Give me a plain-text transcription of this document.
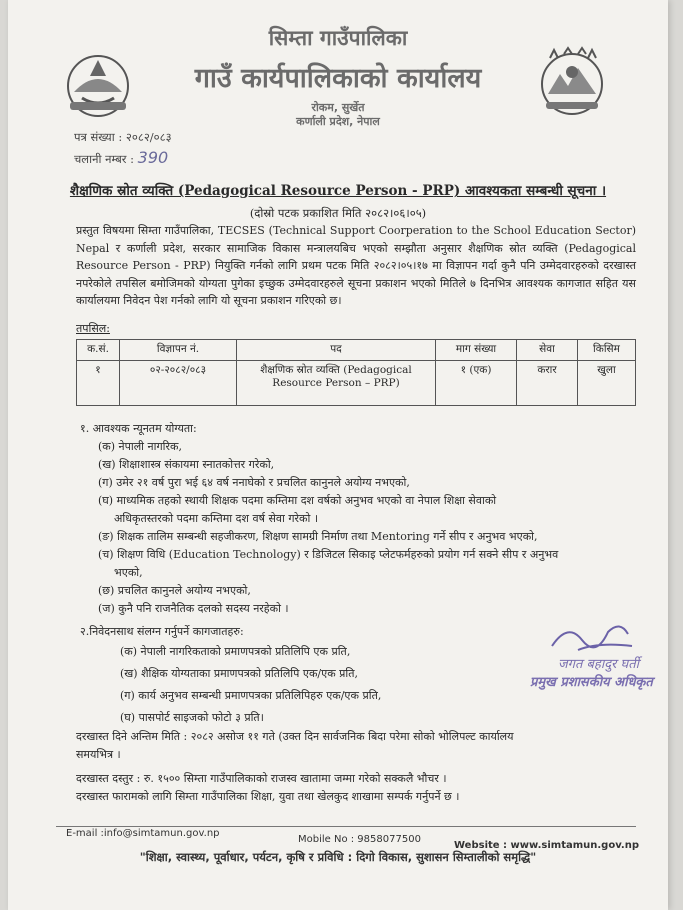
सिम्ता गाउँपालिका
गाउँ कार्यपालिकाको कार्यालय
रोकम, सुर्खेत
कर्णाली प्रदेश, नेपाल
पत्र संख्या : २०८२/०८३
चलानी नम्बर : 390
शैक्षणिक स्रोत व्यक्ति (Pedagogical Resource Person - PRP) आवश्यकता सम्बन्धी सूचना ।
(दोस्रो पटक प्रकाशित मिति २०८२।०६।०५)
प्रस्तुत विषयमा सिम्ता गाउँपालिका, TECSES (Technical Support Coorperation to the School Education Sector) Nepal र कर्णाली प्रदेश, सरकार सामाजिक विकास मन्त्रालयबिच भएको सम्झौता अनुसार शैक्षणिक स्रोत व्यक्ति (Pedagogical Resource Person - PRP) नियुक्ति गर्नको लागि प्रथम पटक मिति २०८२।०५।१७ मा विज्ञापन गर्दा कुनै पनि उम्मेदवारहरुको दरखास्त नपरेकोले तपसिल बमोजिमको योग्यता पुगेका इच्छुक उम्मेदवारहरुले सूचना प्रकाशन भएको मितिले ७ दिनभित्र आवश्यक कागजात सहित यस कार्यालयमा निवेदन पेश गर्नको लागि यो सूचना प्रकाशन गरिएको छ।
तपसिल:
क.सं.	विज्ञापन नं.	पद	माग संख्या	सेवा	किसिम
१	०२-२०८२/०८३	शैक्षणिक स्रोत व्यक्ति (Pedagogical Resource Person – PRP)	१ (एक)	करार	खुला
१. आवश्यक न्यूनतम योग्यता:
(क) नेपाली नागरिक,
(ख) शिक्षाशास्त्र संकायमा स्नातकोत्तर गरेको,
(ग) उमेर २१ वर्ष पुरा भई ६४ वर्ष ननाघेको र प्रचलित कानुनले अयोग्य नभएको,
(घ) माध्यमिक तहको स्थायी शिक्षक पदमा कम्तिमा दश वर्षको अनुभव भएको वा नेपाल शिक्षा सेवाको
अधिकृतस्तरको पदमा कम्तिमा दश वर्ष सेवा गरेको ।
(ङ) शिक्षक तालिम सम्बन्धी सहजीकरण, शिक्षण सामग्री निर्माण तथा Mentoring गर्ने सीप र अनुभव भएको,
(च) शिक्षण विधि (Education Technology) र डिजिटल सिकाइ प्लेटफर्महरुको प्रयोग गर्न सक्ने सीप र अनुभव
भएको,
(छ) प्रचलित कानुनले अयोग्य नभएको,
(ज) कुनै पनि राजनैतिक दलको सदस्य नरहेको ।
२.निवेदनसाथ संलग्न गर्नुपर्ने कागजातहरु:
(क) नेपाली नागरिकताको प्रमाणपत्रको प्रतिलिपि एक प्रति,
(ख) शैक्षिक योग्यताका प्रमाणपत्रको प्रतिलिपि एक/एक प्रति,
(ग) कार्य अनुभव सम्बन्धी प्रमाणपत्रका प्रतिलिपिहरु एक/एक प्रति,
(घ) पासपोर्ट साइजको फोटो ३ प्रति।
जगत बहादुर घर्ती
प्रमुख प्रशासकीय अधिकृत
दरखास्त दिने अन्तिम मिति : २०८२ असोज ११ गते (उक्त दिन सार्वजनिक बिदा परेमा सोको भोलिपल्ट कार्यालय
समयभित्र ।
दरखास्त दस्तुर : रु. १५०० सिम्ता गाउँपालिकाको राजस्व खातामा जम्मा गरेको सक्कलै भौचर ।
दरखास्त फारामको लागि सिम्ता गाउँपालिका शिक्षा, युवा तथा खेलकुद शाखामा सम्पर्क गर्नुपर्ने छ ।
E-mail :info@simtamun.gov.np
Mobile No : 9858077500
Website : www.simtamun.gov.np
"शिक्षा, स्वास्थ्य, पूर्वाधार, पर्यटन, कृषि र प्रविधि : दिगो विकास, सुशासन सिम्तालीको समृद्धि"
